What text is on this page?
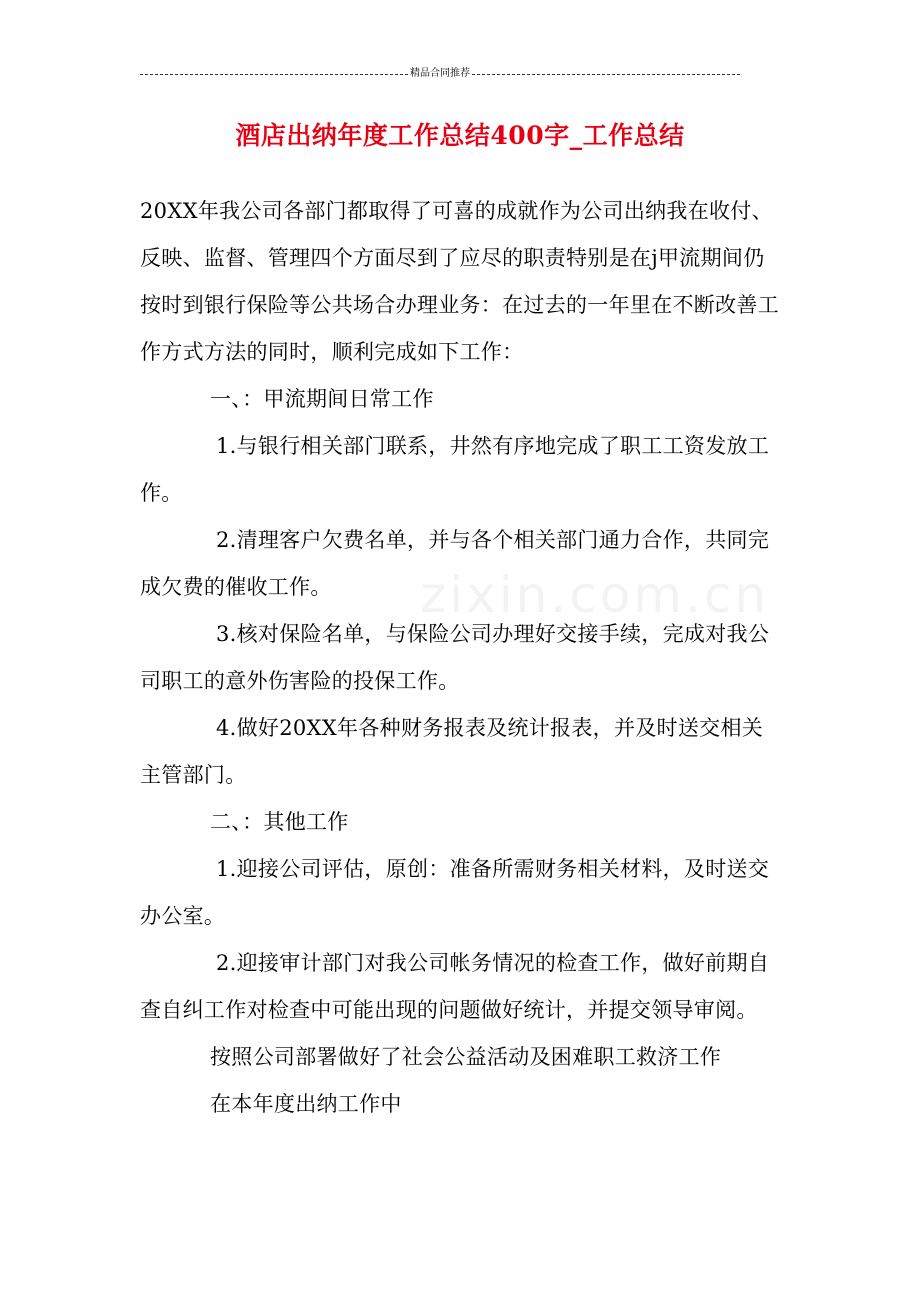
zixin.com.cn
精品合同推荐
酒店出纳年度工作总结400字_工作总结

20XX年我公司各部门都取得了可喜的成就作为公司出纳我在收付、反映、监督、管理四个方面尽到了应尽的职责特别是在j甲流期间仍按时到银行保险等公共场合办理业务：在过去的一年里在不断改善工作方式方法的同时，顺利完成如下工作：

一、：甲流期间日常工作

1.与银行相关部门联系，井然有序地完成了职工工资发放工作。

2.清理客户欠费名单，并与各个相关部门通力合作，共同完成欠费的催收工作。

3.核对保险名单，与保险公司办理好交接手续，完成对我公司职工的意外伤害险的投保工作。

4.做好20XX年各种财务报表及统计报表，并及时送交相关主管部门。

二、：其他工作

1.迎接公司评估，原创：准备所需财务相关材料，及时送交办公室。

2.迎接审计部门对我公司帐务情况的检查工作，做好前期自查自纠工作对检查中可能出现的问题做好统计，并提交领导审阅。

按照公司部署做好了社会公益活动及困难职工救济工作

在本年度出纳工作中
